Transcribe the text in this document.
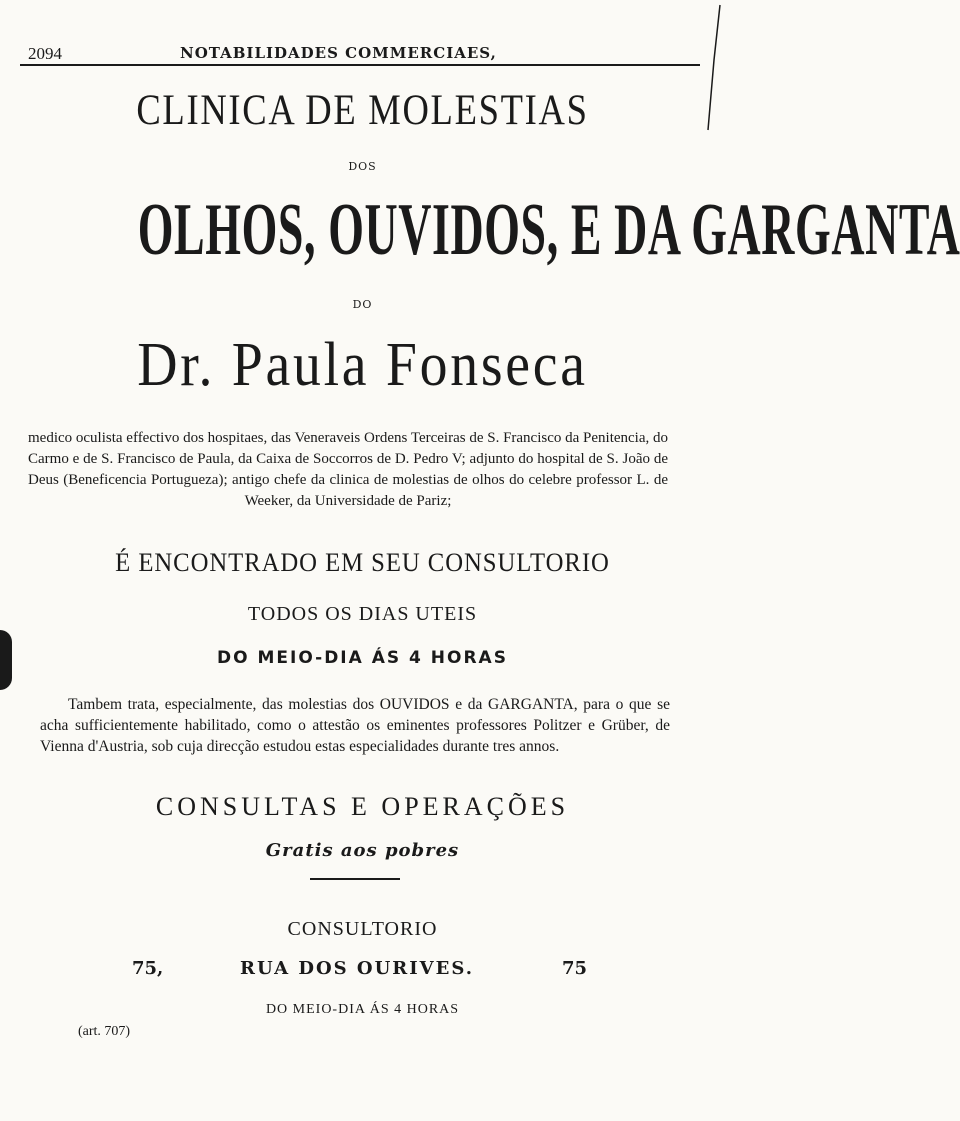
2094	NOTABILIDADES COMMERCIAES,
CLINICA DE MOLESTIAS
DOS
OLHOS, OUVIDOS, E DA GARGANTA
DO
Dr. Paula Fonseca
medico oculista effectivo dos hospitaes, das Veneraveis Ordens Terceiras de S. Francisco da Penitencia, do Carmo e de S. Francisco de Paula, da Caixa de Soccorros de D. Pedro V; adjunto do hospital de S. João de Deus (Beneficencia Portugueza); antigo chefe da clinica de molestias de olhos do celebre professor L. de Weeker, da Universidade de Pariz;
É ENCONTRADO EM SEU CONSULTORIO
TODOS OS DIAS UTEIS
DO MEIO-DIA ÁS 4 HORAS
Tambem trata, especialmente, das molestias dos OUVIDOS e da GARGANTA, para o que se acha sufficientemente habilitado, como o attestão os eminentes professores Politzer e Grüber, de Vienna d'Austria, sob cuja direcção estudou estas especialidades durante tres annos.
CONSULTAS E OPERAÇÕES
Gratis aos pobres
CONSULTORIO
75,	RUA DOS OURIVES.	75
DO MEIO-DIA ÁS 4 HORAS
(art. 707)
